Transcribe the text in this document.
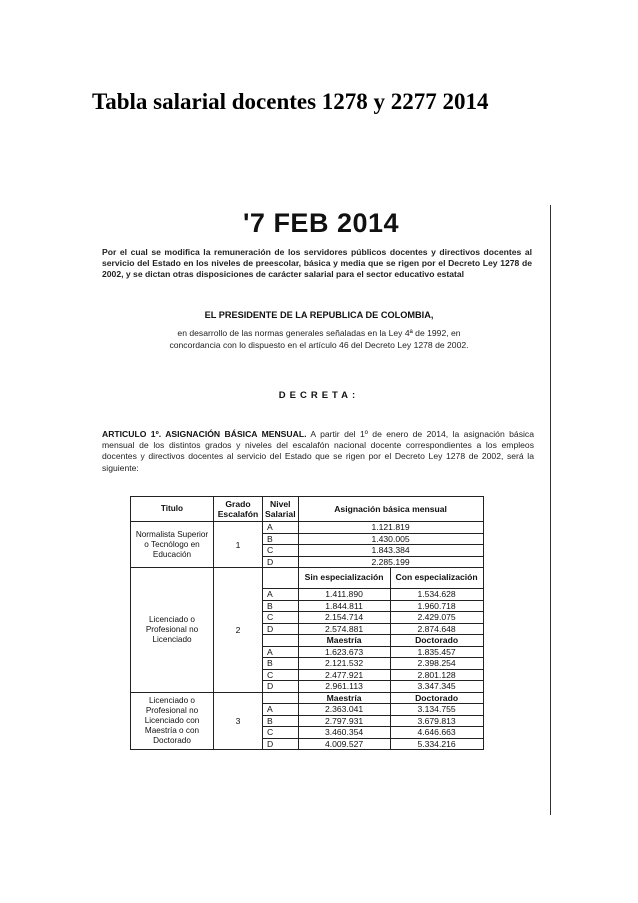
Tabla salarial docentes 1278 y 2277 2014
'7 FEB 2014
Por el cual se modifica la remuneración de los servidores públicos docentes y directivos docentes al servicio del Estado en los niveles de preescolar, básica y media que se rigen por el Decreto Ley 1278 de 2002, y se dictan otras disposiciones de carácter salarial para el sector educativo estatal
EL PRESIDENTE DE LA REPUBLICA DE COLOMBIA,
en desarrollo de las normas generales señaladas en la Ley 4ª de 1992, en
concordancia con lo dispuesto en el artículo 46 del Decreto Ley 1278 de 2002.
DECRETA:
ARTICULO 1º. ASIGNACIÓN BÁSICA MENSUAL. A partir del 1º de enero de 2014, la asignación básica mensual de los distintos grados y niveles del escalafón nacional docente correspondientes a los empleos docentes y directivos docentes al servicio del Estado que se rigen por el Decreto Ley 1278 de 2002, será la siguiente:
Titulo	Grado Escalafón	Nivel Salarial	Asignación básica mensual	
Normalista Superior o Tecnólogo en Educación	1	A	1.121.819	
		B	1.430.005	
		C	1.843.384	
		D	2.285.199	
Licenciado o Profesional no Licenciado	2		Sin especialización	Con especialización
		A	1.411.890	1.534.628
		B	1.844.811	1.960.718
		C	2.154.714	2.429.075
		D	2.574.881	2.874.648
			Maestría	Doctorado
		A	1.623.673	1.835.457
		B	2.121.532	2.398.254
		C	2.477.921	2.801.128
		D	2.961.113	3.347.345
Licenciado o Profesional no Licenciado con Maestría o con Doctorado	3		Maestría	Doctorado
		A	2.363.041	3.134.755
		B	2.797.931	3.679.813
		C	3.460.354	4.646.663
		D	4.009.527	5.334.216
